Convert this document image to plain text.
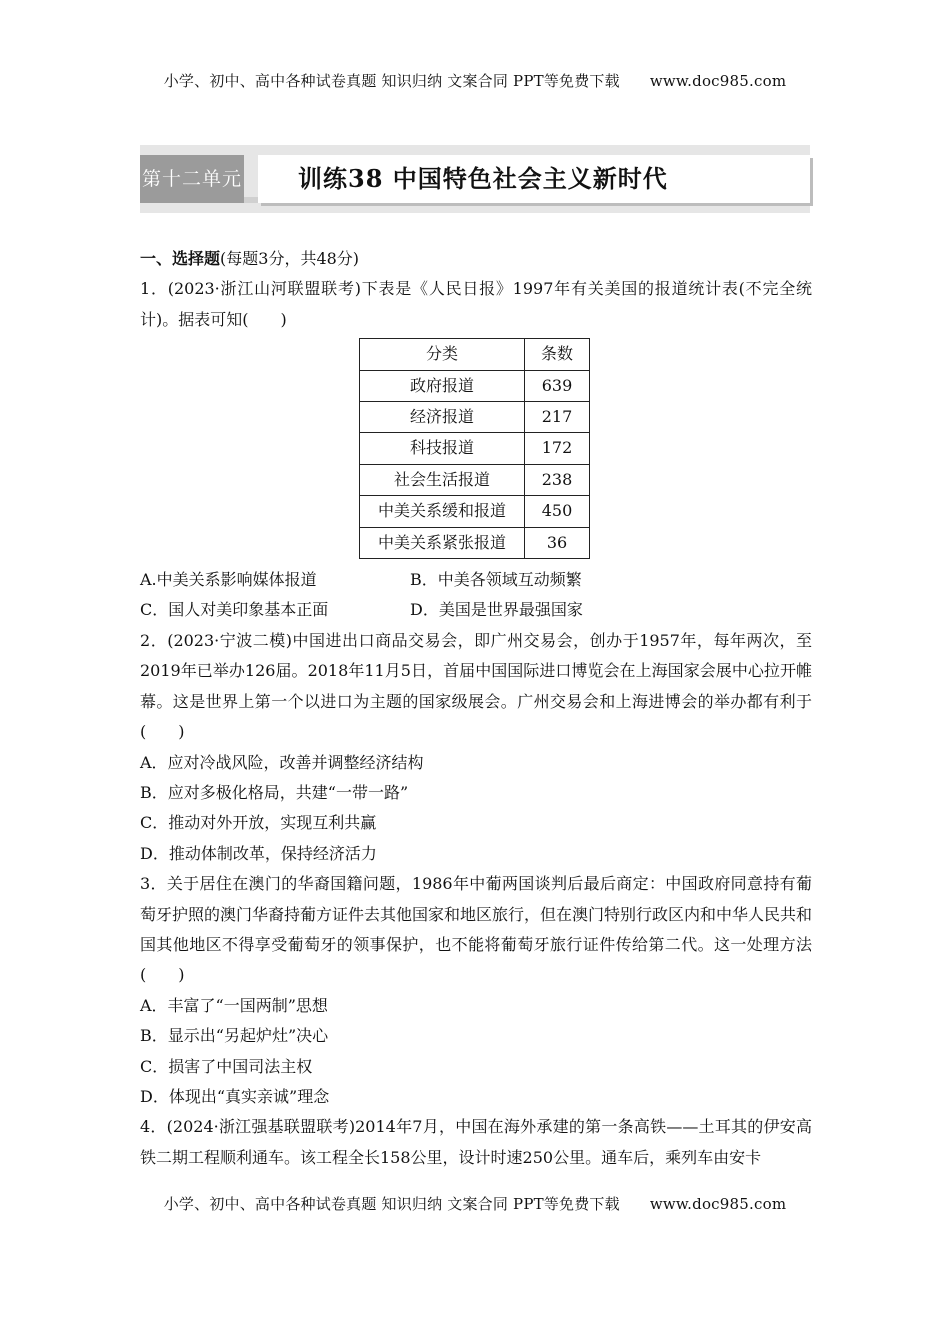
小学、初中、高中各种试卷真题 知识归纳 文案合同 PPT等免费下载 www.doc985.com
第十二单元 训练38 中国特色社会主义新时代

一、选择题(每题3分，共48分)

1．(2023·浙江山河联盟联考)下表是《人民日报》1997年有关美国的报道统计表(不完全统计)。据表可知(　　)

分类	条数
政府报道	639
经济报道	217
科技报道	172
社会生活报道	238
中美关系缓和报道	450
中美关系紧张报道	36

A.中美关系影响媒体报道	B．中美各领域互动频繁

C．国人对美印象基本正面	D．美国是世界最强国家

2．(2023·宁波二模)中国进出口商品交易会，即广州交易会，创办于1957年，每年两次，至2019年已举办126届。2018年11月5日，首届中国国际进口博览会在上海国家会展中心拉开帷幕。这是世界上第一个以进口为主题的国家级展会。广州交易会和上海进博会的举办都有利于(　　)

A．应对冷战风险，改善并调整经济结构

B．应对多极化格局，共建“一带一路”

C．推动对外开放，实现互利共赢

D．推动体制改革，保持经济活力

3．关于居住在澳门的华裔国籍问题，1986年中葡两国谈判后最后商定：中国政府同意持有葡萄牙护照的澳门华裔持葡方证件去其他国家和地区旅行，但在澳门特别行政区内和中华人民共和国其他地区不得享受葡萄牙的领事保护，也不能将葡萄牙旅行证件传给第二代。这一处理方法(　　)

A．丰富了“一国两制”思想

B．显示出“另起炉灶”决心

C．损害了中国司法主权

D．体现出“真实亲诚”理念

4．(2024·浙江强基联盟联考)2014年7月，中国在海外承建的第一条高铁——土耳其的伊安高铁二期工程顺利通车。该工程全长158公里，设计时速250公里。通车后，乘列车由安卡

小学、初中、高中各种试卷真题 知识归纳 文案合同 PPT等免费下载 www.doc985.com
